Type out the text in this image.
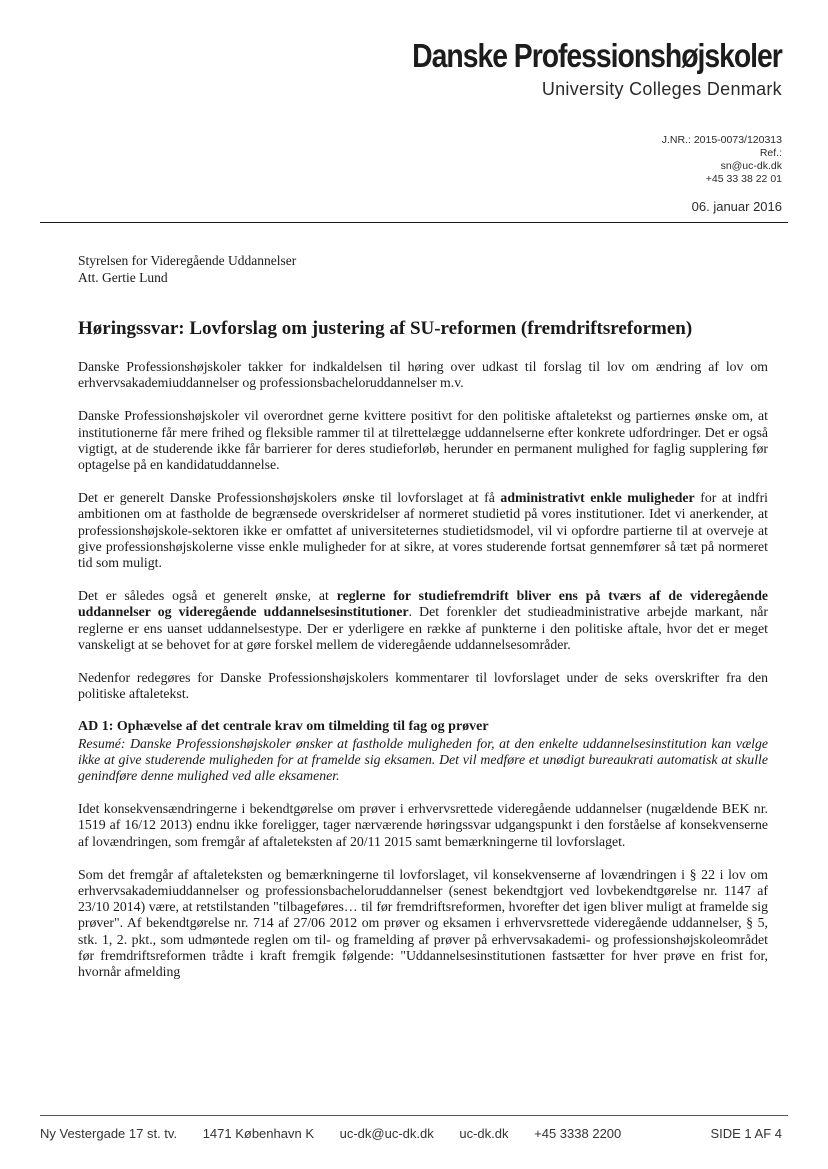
Danske Professionshøjskoler
University Colleges Denmark
J.NR.: 2015-0073/120313
Ref.:
sn@uc-dk.dk
+45 33 38 22 01
06. januar 2016
Styrelsen for Videregående Uddannelser
Att. Gertie Lund
Høringssvar: Lovforslag om justering af SU-reformen (fremdriftsreformen)

Danske Professionshøjskoler takker for indkaldelsen til høring over udkast til forslag til lov om ændring af lov om erhvervsakademiuddannelser og professionsbacheloruddannelser m.v.

Danske Professionshøjskoler vil overordnet gerne kvittere positivt for den politiske aftaletekst og partiernes ønske om, at institutionerne får mere frihed og fleksible rammer til at tilrettelægge uddannelserne efter konkrete udfordringer. Det er også vigtigt, at de studerende ikke får barrierer for deres studieforløb, herunder en permanent mulighed for faglig supplering før optagelse på en kandidatuddannelse.

Det er generelt Danske Professionshøjskolers ønske til lovforslaget at få administrativt enkle muligheder for at indfri ambitionen om at fastholde de begrænsede overskridelser af normeret studietid på vores institutioner. Idet vi anerkender, at professionshøjskole-sektoren ikke er omfattet af universiteternes studietidsmodel, vil vi opfordre partierne til at overveje at give professionshøjskolerne visse enkle muligheder for at sikre, at vores studerende fortsat gennemfører så tæt på normeret tid som muligt.

Det er således også et generelt ønske, at reglerne for studiefremdrift bliver ens på tværs af de videregående uddannelser og videregående uddannelsesinstitutioner. Det forenkler det studieadministrative arbejde markant, når reglerne er ens uanset uddannelsestype. Der er yderligere en række af punkterne i den politiske aftale, hvor det er meget vanskeligt at se behovet for at gøre forskel mellem de videregående uddannelsesområder.

Nedenfor redegøres for Danske Professionshøjskolers kommentarer til lovforslaget under de seks overskrifter fra den politiske aftaletekst.

AD 1: Ophævelse af det centrale krav om tilmelding til fag og prøver
Resumé: Danske Professionshøjskoler ønsker at fastholde muligheden for, at den enkelte uddannelsesinstitution kan vælge ikke at give studerende muligheden for at framelde sig eksamen. Det vil medføre et unødigt bureaukrati automatisk at skulle genindføre denne mulighed ved alle eksamener.

Idet konsekvensændringerne i bekendtgørelse om prøver i erhvervsrettede videregående uddannelser (nugældende BEK nr. 1519 af 16/12 2013) endnu ikke foreligger, tager nærværende høringssvar udgangspunkt i den forståelse af konsekvenserne af lovændringen, som fremgår af aftaleteksten af 20/11 2015 samt bemærkningerne til lovforslaget.

Som det fremgår af aftaleteksten og bemærkningerne til lovforslaget, vil konsekvenserne af lovændringen i § 22 i lov om erhvervsakademiuddannelser og professionsbacheloruddannelser (senest bekendtgjort ved lovbekendtgørelse nr. 1147 af 23/10 2014) være, at retstilstanden "tilbageføres… til før fremdriftsreformen, hvorefter det igen bliver muligt at framelde sig prøver". Af bekendtgørelse nr. 714 af 27/06 2012 om prøver og eksamen i erhvervsrettede videregående uddannelser, § 5, stk. 1, 2. pkt., som udmøntede reglen om til- og framelding af prøver på erhvervsakademi- og professionshøjskoleområdet før fremdriftsreformen trådte i kraft fremgik følgende: "Uddannelsesinstitutionen fastsætter for hver prøve en frist for, hvornår afmelding

Ny Vestergade 17 st. tv. 1471 København K uc-dk@uc-dk.dk uc-dk.dk +45 3338 2200	SIDE 1 AF 4
